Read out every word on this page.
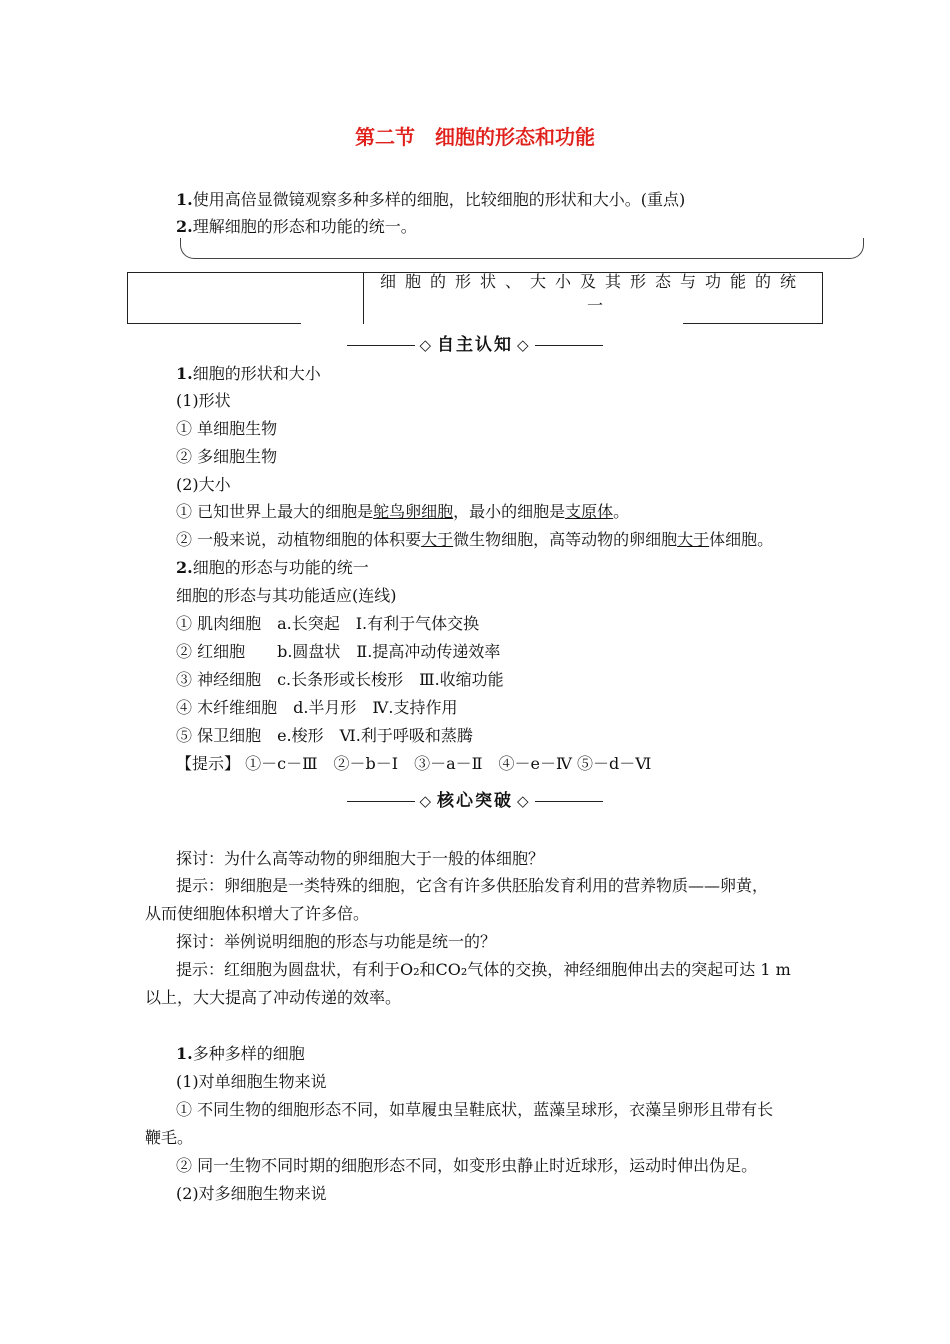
第二节　细胞的形态和功能
1.使用高倍显微镜观察多种多样的细胞，比较细胞的形状和大小。(重点)
2.理解细胞的形态和功能的统一。
细胞的形状、大小及其形态与功能的统
一
◇ 自主认知 ◇
1.细胞的形状和大小
(1)形状
① 单细胞生物
② 多细胞生物
(2)大小
① 已知世界上最大的细胞是鸵鸟卵细胞，最小的细胞是支原体。
② 一般来说，动植物细胞的体积要大于微生物细胞，高等动物的卵细胞大于体细胞。
2.细胞的形态与功能的统一
细胞的形态与其功能适应(连线)
① 肌肉细胞　a.长突起　Ⅰ.有利于气体交换
② 红细胞　　b.圆盘状　Ⅱ.提高冲动传递效率
③ 神经细胞　c.长条形或长梭形　Ⅲ.收缩功能
④ 木纤维细胞　d.半月形　Ⅳ.支持作用
⑤ 保卫细胞　e.梭形　Ⅵ.利于呼吸和蒸腾
【提示】 ①－c－Ⅲ　②－b－Ⅰ　③－a－Ⅱ　④－e－Ⅳ ⑤－d－Ⅵ
◇ 核心突破 ◇
探讨：为什么高等动物的卵细胞大于一般的体细胞？
提示：卵细胞是一类特殊的细胞，它含有许多供胚胎发育利用的营养物质——卵黄，
从而使细胞体积增大了许多倍。
探讨：举例说明细胞的形态与功能是统一的？
提示：红细胞为圆盘状，有利于O₂和CO₂气体的交换，神经细胞伸出去的突起可达 1 m
以上，大大提高了冲动传递的效率。
1.多种多样的细胞
(1)对单细胞生物来说
① 不同生物的细胞形态不同，如草履虫呈鞋底状，蓝藻呈球形，衣藻呈卵形且带有长
鞭毛。
② 同一生物不同时期的细胞形态不同，如变形虫静止时近球形，运动时伸出伪足。
(2)对多细胞生物来说
